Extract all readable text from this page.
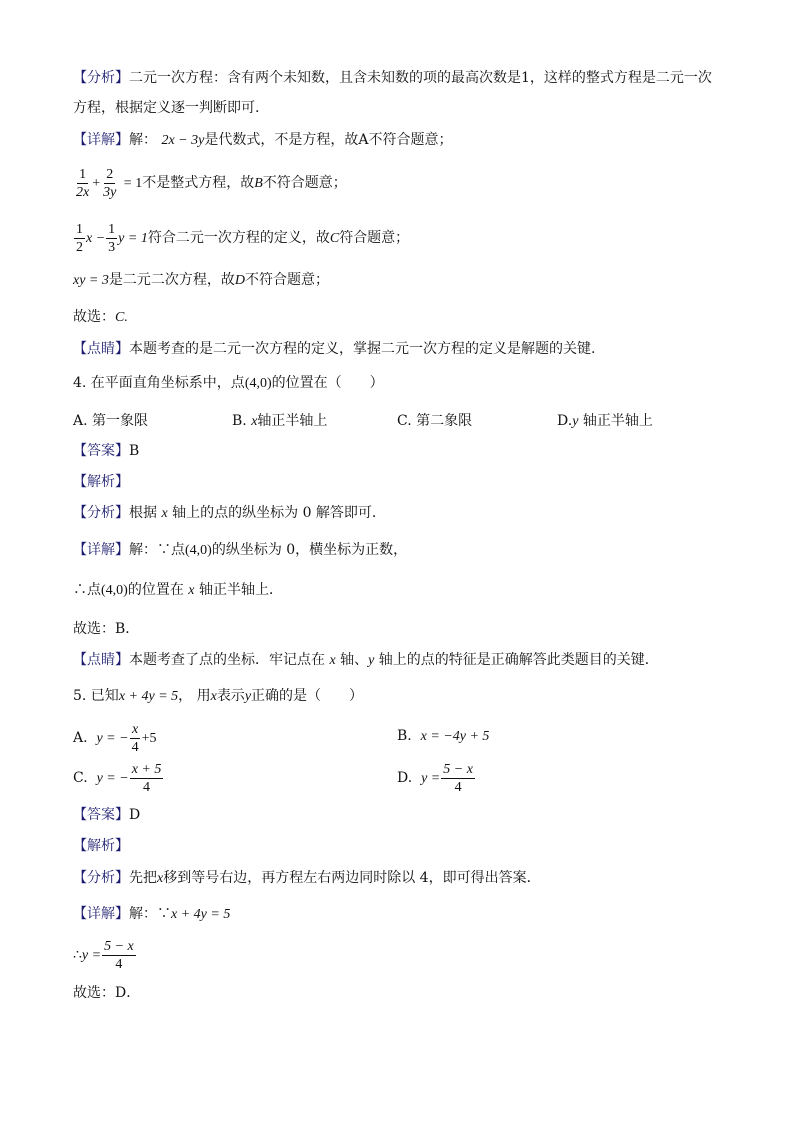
【分析】二元一次方程：含有两个未知数，且含未知数的项的最高次数是1，这样的整式方程是二元一次
方程，根据定义逐一判断即可.
【详解】解： 2x − 3y是代数式，不是方程，故A不符合题意；
$\frac{1}{2x} + \frac{2}{3y} = 1$不是整式方程，故B不符合题意；
$\frac{1}{2}$ $x - \frac{1}{3}$ y = 1符合二元一次方程的定义，故C符合题意；
xy = 3是二元二次方程，故D不符合题意；
故选：C.
【点睛】本题考查的是二元一次方程的定义，掌握二元一次方程的定义是解题的关键.
4. 在平面直角坐标系中，点(4,0)的位置在（　　）
A. 第一象限	B. x轴正半轴上	C. 第二象限	D.y 轴正半轴上
【答案】B
【解析】
【分析】根据 x 轴上的点的纵坐标为 0 解答即可．
【详解】解：∵点(4,0)的纵坐标为 0，横坐标为正数，
∴点(4,0)的位置在 x 轴正半轴上．
故选：B．
【点睛】本题考查了点的坐标．牢记点在 x 轴、y 轴上的点的特征是正确解答此类题目的关键．
5. 已知x + 4y = 5， 用x表示y正确的是（　　）
A. y = − $\frac{x}{4} +5$	B. x = −4y + 5
C. y = − $\frac{x + 5}{4}$	D. $y = \frac{5 - x}{4}$
【答案】D
【解析】
【分析】先把x移到等号右边，再方程左右两边同时除以 4，即可得出答案．
【详解】解：∵x + 4y = 5
∴y = $\frac{5 - x}{4}$
故选：D．
